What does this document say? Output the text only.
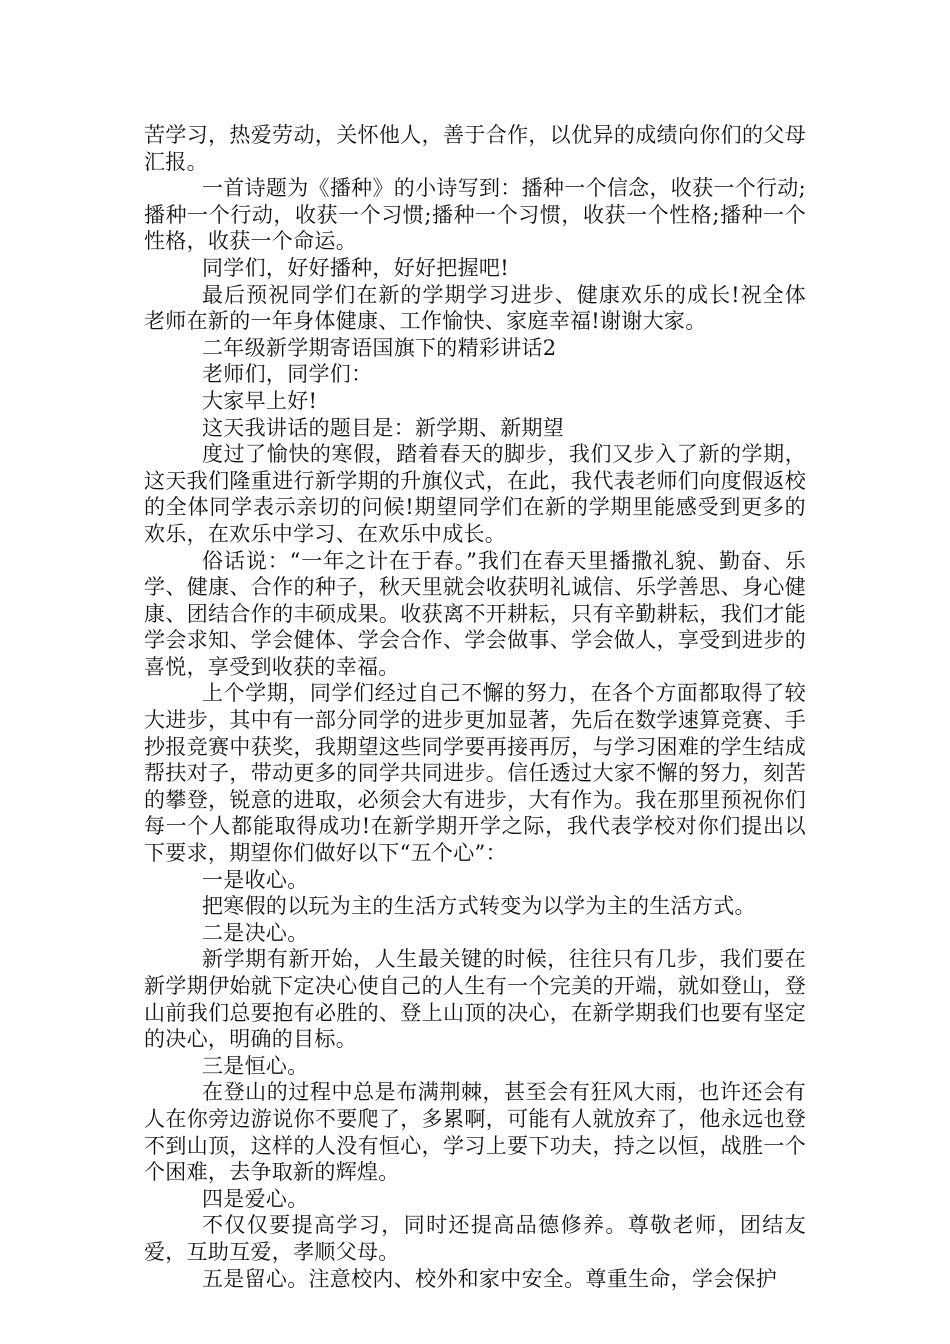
苦学习，热爱劳动，关怀他人，善于合作，以优异的成绩向你们的父母汇报。

一首诗题为《播种》的小诗写到：播种一个信念，收获一个行动;播种一个行动，收获一个习惯;播种一个习惯，收获一个性格;播种一个性格，收获一个命运。

同学们，好好播种，好好把握吧!

最后预祝同学们在新的学期学习进步、健康欢乐的成长!祝全体老师在新的一年身体健康、工作愉快、家庭幸福!谢谢大家。

二年级新学期寄语国旗下的精彩讲话2

老师们，同学们：

大家早上好!

这天我讲话的题目是：新学期、新期望

度过了愉快的寒假，踏着春天的脚步，我们又步入了新的学期，这天我们隆重进行新学期的升旗仪式，在此，我代表老师们向度假返校的全体同学表示亲切的问候!期望同学们在新的学期里能感受到更多的欢乐，在欢乐中学习、在欢乐中成长。

俗话说：“一年之计在于春。”我们在春天里播撒礼貌、勤奋、乐学、健康、合作的种子，秋天里就会收获明礼诚信、乐学善思、身心健康、团结合作的丰硕成果。收获离不开耕耘，只有辛勤耕耘，我们才能学会求知、学会健体、学会合作、学会做事、学会做人，享受到进步的喜悦，享受到收获的幸福。

上个学期，同学们经过自己不懈的努力，在各个方面都取得了较大进步，其中有一部分同学的进步更加显著，先后在数学速算竞赛、手抄报竞赛中获奖，我期望这些同学要再接再厉，与学习困难的学生结成帮扶对子，带动更多的同学共同进步。信任透过大家不懈的努力，刻苦的攀登，锐意的进取，必须会大有进步，大有作为。我在那里预祝你们每一个人都能取得成功!在新学期开学之际，我代表学校对你们提出以下要求，期望你们做好以下“五个心”：

一是收心。

把寒假的以玩为主的生活方式转变为以学为主的生活方式。

二是决心。

新学期有新开始，人生最关键的时候，往往只有几步，我们要在新学期伊始就下定决心使自己的人生有一个完美的开端，就如登山，登山前我们总要抱有必胜的、登上山顶的决心，在新学期我们也要有坚定的决心，明确的目标。

三是恒心。

在登山的过程中总是布满荆棘，甚至会有狂风大雨，也许还会有人在你旁边游说你不要爬了，多累啊，可能有人就放弃了，他永远也登不到山顶，这样的人没有恒心，学习上要下功夫，持之以恒，战胜一个个困难，去争取新的辉煌。

四是爱心。

不仅仅要提高学习，同时还提高品德修养。尊敬老师，团结友爱，互助互爱，孝顺父母。

五是留心。注意校内、校外和家中安全。尊重生命，学会保护
